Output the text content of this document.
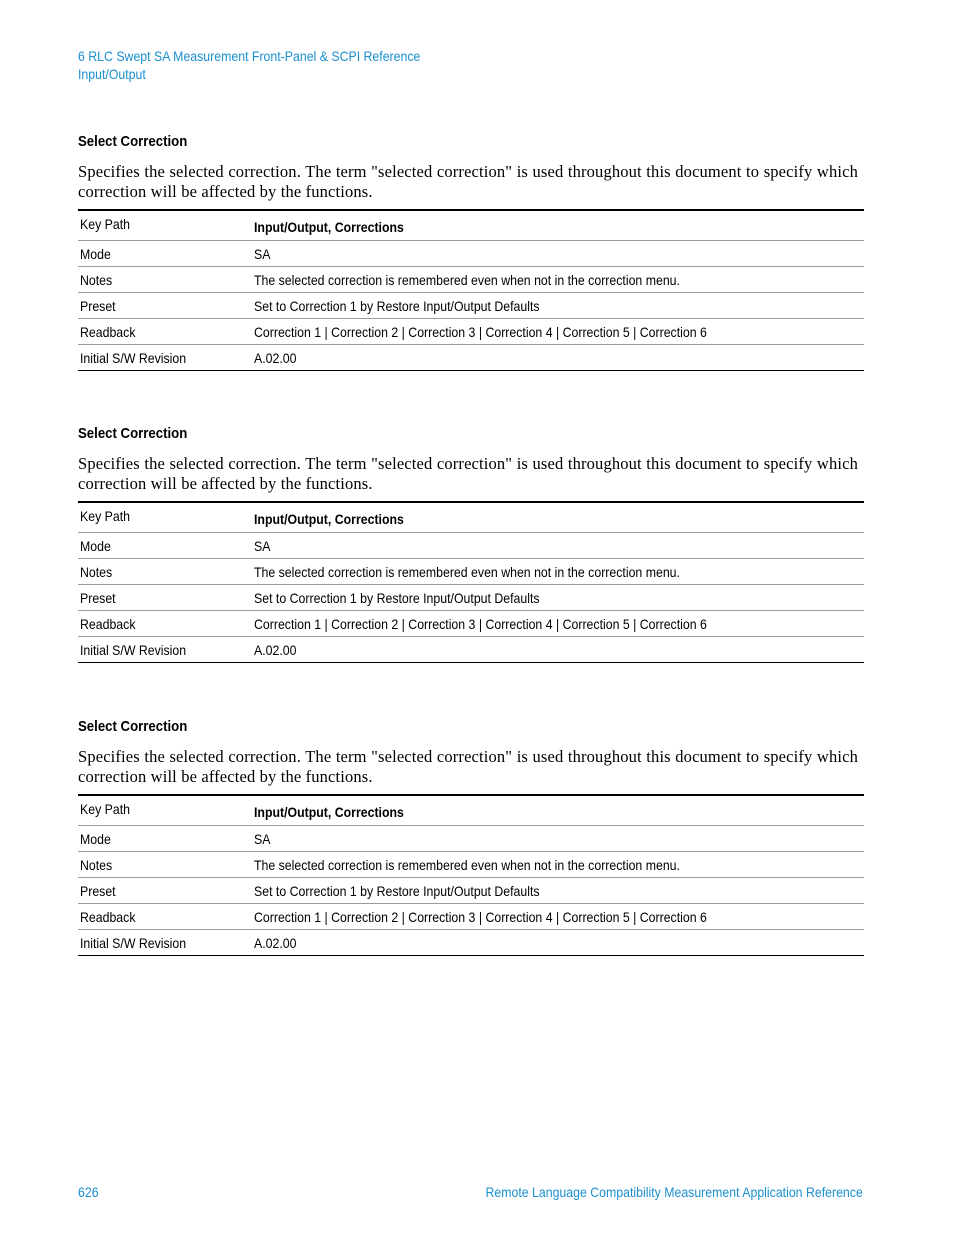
6 RLC Swept SA Measurement Front-Panel & SCPI Reference
Input/Output
Select Correction
Specifies the selected correction. The term "selected correction" is used throughout this document to specify which correction will be affected by the functions.
Key Path	Input/Output, Corrections
Mode	SA
Notes	The selected correction is remembered even when not in the correction menu.
Preset	Set to Correction 1 by Restore Input/Output Defaults
Readback	Correction 1 | Correction 2 | Correction 3 | Correction 4 | Correction 5 | Correction 6
Initial S/W Revision	A.02.00
Select Correction
Specifies the selected correction. The term "selected correction" is used throughout this document to specify which correction will be affected by the functions.
Key Path	Input/Output, Corrections
Mode	SA
Notes	The selected correction is remembered even when not in the correction menu.
Preset	Set to Correction 1 by Restore Input/Output Defaults
Readback	Correction 1 | Correction 2 | Correction 3 | Correction 4 | Correction 5 | Correction 6
Initial S/W Revision	A.02.00
Select Correction
Specifies the selected correction. The term "selected correction" is used throughout this document to specify which correction will be affected by the functions.
Key Path	Input/Output, Corrections
Mode	SA
Notes	The selected correction is remembered even when not in the correction menu.
Preset	Set to Correction 1 by Restore Input/Output Defaults
Readback	Correction 1 | Correction 2 | Correction 3 | Correction 4 | Correction 5 | Correction 6
Initial S/W Revision	A.02.00
626	Remote Language Compatibility Measurement Application Reference
